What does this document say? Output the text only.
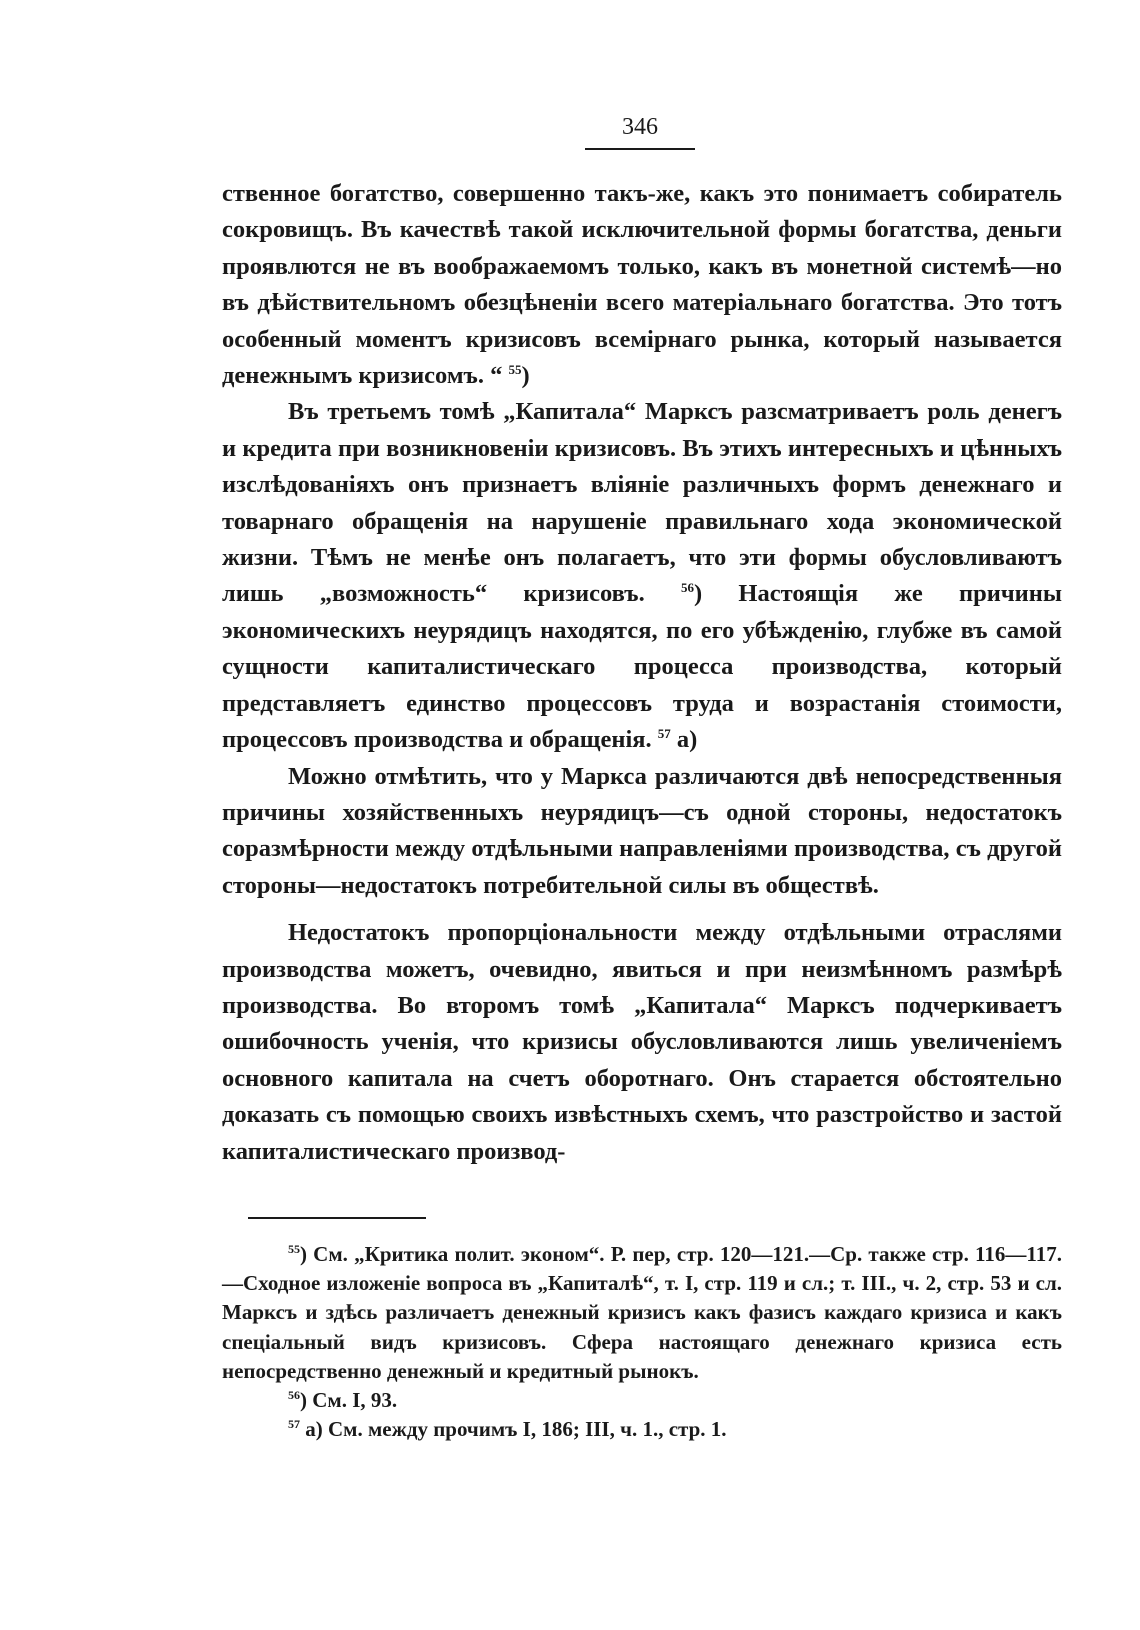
346

ственное богатство, совершенно такъ-же, какъ это понимаетъ собиратель сокровищъ. Въ качествѣ такой исключительной формы богатства, деньги проявлются не въ воображаемомъ только, какъ въ монетной системѣ—но въ дѣйствительномъ обезцѣненіи всего матеріальнаго богатства. Это тотъ особенный моментъ кризисовъ всемірнаго рынка, который называется денежнымъ кризисомъ. “ $^{55}$)

Въ третьемъ томѣ „Капитала“ Марксъ разсматриваетъ роль денегъ и кредита при возникновеніи кризисовъ. Въ этихъ интересныхъ и цѣнныхъ изслѣдованіяхъ онъ признаетъ вліяніе различныхъ формъ денежнаго и товарнаго обращенія на нарушеніе правильнаго хода экономической жизни. Тѣмъ не менѣе онъ полагаетъ, что эти формы обусловливаютъ лишь „возможность“ кризисовъ.	$^{56}$) Настоящія же причины экономическихъ неурядицъ находятся, по его убѣжденію, глубже въ самой сущности капиталистическаго процесса производства, который представляетъ единство процессовъ труда и возрастанія стоимости, процессовъ производства и обращенія. $^{57}$ а)

Можно отмѣтить, что у Маркса различаются двѣ непосредственныя причины хозяйственныхъ неурядицъ—съ одной стороны, недостатокъ соразмѣрности между отдѣльными направленіями производства, съ другой стороны—недостатокъ потребительной силы въ обществѣ.

Недостатокъ пропорціональности между отдѣльными отраслями производства можетъ, очевидно, явиться и при неизмѣнномъ размѣрѣ производства. Во второмъ томѣ „Капитала“ Марксъ подчеркиваетъ ошибочность ученія, что кризисы обусловливаются лишь увеличеніемъ основного капитала на счетъ оборотнаго. Онъ старается обстоятельно доказать съ помощью своихъ извѣстныхъ схемъ, что разстройство и застой капиталистическаго производ-

$^{55}$) См. „Критика полит. эконом“. Р. пер, стр. 120—121.—Ср. также стр. 116—117.—Сходное изложеніе вопроса въ „Капиталѣ“, т. I, стр. 119 и сл.; т. III., ч. 2, стр. 53 и сл. Марксъ и здѣсь различаетъ денежный кризисъ какъ фазисъ каждаго кризиса и какъ спеціальный видъ кризисовъ. Сфера настоящаго денежнаго кризиса есть непосредственно денежный и кредитный рынокъ.

$^{56}$) См. I, 93.

$^{57}$ а) См. между прочимъ I, 186; III, ч. 1., стр. 1.
